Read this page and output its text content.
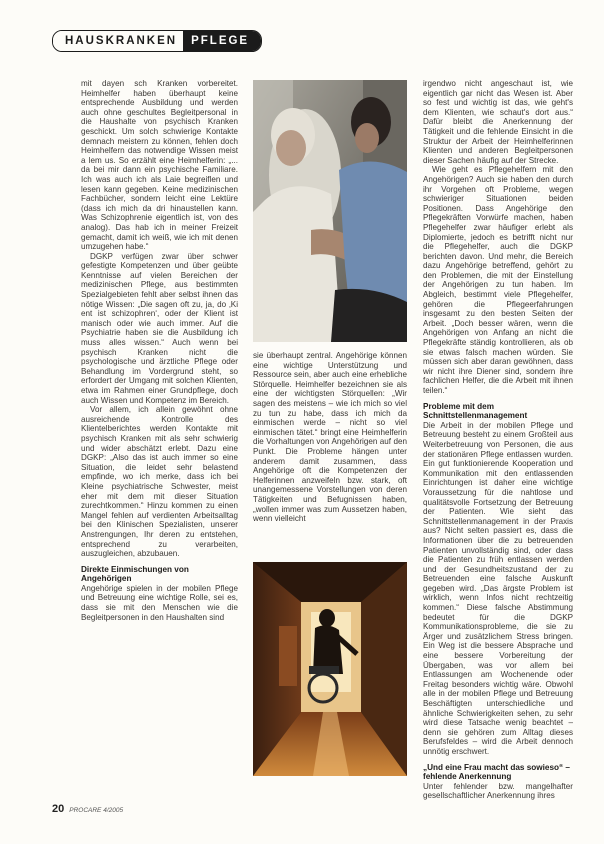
HAUSKRANKEN	PFLEGE

mit dayen sch Kranken vorbereitet. Heimhelfer haben überhaupt keine entsprechende Ausbildung und werden auch ohne geschultes Begleitpersonal in die Haushalte von psychisch Kranken geschickt. Um solch schwierige Kontakte demnach meistern zu können, fehlen doch Heimhelfern das notwendige Wissen meist a lem us. So erzählt eine Heimhelferin: „... da bei mir dann ein psychische Familiare. Ich was auch ich als Laie begreiflen und lesen kann gegeben. Keine medizinischen Fachbücher, sondern leicht eine Lektüre (dass ich mich da dri hinaustellen kann. Was Schizophrenie eigentlich ist, von des analog). Das hab ich in meiner Freizeit gemacht, damit ich weiß, wie ich mit denen umzugehen habe.“

DGKP verfügen zwar über schwer gefestigte Kompetenzen und über geübte Kenntnisse auf vielen Bereichen der medizinischen Pflege, aus bestimmten Spezialgebieten fehlt aber selbst ihnen das nötige Wissen: „Die sagen oft zu, ja, do ‚Ki ent ist schizophren‘, oder der Klient ist manisch oder wie auch immer. Auf die Psychiatrie haben sie die Ausbildung ich muss alles wissen.“ Auch wenn bei psychisch Kranken nicht die psychologische und ärztliche Pflege oder Behandlung im Vordergrund steht, so erfordert der Umgang mit solchen Klienten, etwa im Rahmen einer Grundpflege, doch auch Wissen und Kompetenz im Bereich.

Vor allem, ich allein gewöhnt ohne ausreichende Kontrolle des Klientelberichtes werden Kontakte mit psychisch Kranken mit als sehr schwierig und wider abschätzt erlebt. Dazu eine DGKP: „Also das ist auch immer so eine Situation, die leidet sehr belastend empfinde, wo ich merke, dass ich bei Kleine psychiatrische Schwester, meist eher mit dem mit dieser Situation zurechtkommen.“ Hinzu kommen zu einen Mangel fehlen auf verdienten Arbeitsalltag bei den Klinischen Spezialisten, unserer Anstrengungen, Ihr deren zu entstehen, entsprechend zu verarbeiten, auszugleichen, abzubauen.

Direkte Einmischungen von Angehörigen

Angehörige spielen in der mobilen Pflege und Betreuung eine wichtige Rolle, sei es, dass sie mit den Menschen wie die Begleitpersonen in den Haushalten sind

sie überhaupt zentral. Angehörige können eine wichtige Unterstützung und Ressource sein, aber auch eine erhebliche Störquelle. Heimhelfer bezeichnen sie als eine der wichtigsten Störquellen: „Wir sagen des meistens – wie ich mich so viel zu tun zu habe, dass ich mich da einmischen werde – nicht so viel einmischen tätet.“ bringt eine Heimhelferin die Vorhaltungen von Angehörigen auf den Punkt. Die Probleme hängen unter anderem damit zusammen, dass Angehörige oft die Kompetenzen der Helferinnen anzweifeln bzw. stark, oft unangemessene Vorstellungen von deren Tätigkeiten und Befugnissen haben, „wollen immer was zum Aussetzen haben, wenn vielleicht

irgendwo nicht angeschaut ist, wie eigentlich gar nicht das Wesen ist. Aber so fest und wichtig ist das, wie geht's dem Klienten, wie schaut's dort aus.“ Dafür bleibt die Anerkennung der Tätigkeit und die fehlende Einsicht in die Struktur der Arbeit der Heimhelferinnen Klienten und anderen Begleitpersonen dieser Sachen häufig auf der Strecke.

Wie geht es Pflegehelfern mit den Angehörigen? Auch sie haben den durch ihr Vorgehen oft Probleme, wegen schwieriger Situationen beiden Positionen. Dass Angehörige den Pflegekräften Vorwürfe machen, haben Pflegehelfer zwar häufiger erlebt als Diplomierte, jedoch es betrifft nicht nur die Pflegehelfer, auch die DGKP berichten davon. Und mehr, die Bereich dazu Angehörige betreffend, gehört zu den Problemen, die mit der Einstellung der Angehörigen zu tun haben. Im Abgleich, bestimmt viele Pflegehelfer, gehören die Pflegeerfahrungen insgesamt zu den besten Seiten der Arbeit. „Doch besser wären, wenn die Angehörigen von Anfang an nicht die Pflegekräfte ständig kontrollieren, als ob sie etwas falsch machen würden. Sie müssen sich aber daran gewöhnen, dass wir nicht ihre Diener sind, sondern ihre fachlichen Helfer, die die Arbeit mit ihnen teilen.“

Probleme mit dem Schnittstellenmanagement

Die Arbeit in der mobilen Pflege und Betreuung besteht zu einem Großteil aus Weiterbetreuung von Personen, die aus der stationären Pflege entlassen wurden. Ein gut funktionierende Kooperation und Kommunikation mit den entlassenden Einrichtungen ist daher eine wichtige Voraussetzung für die nahtlose und qualitätsvolle Fortsetzung der Betreuung der Patienten. Wie sieht das Schnittstellenmanagement in der Praxis aus? Nicht selten passiert es, dass die Informationen über die zu betreuenden Patienten unvollständig sind, oder dass die Patienten zu früh entlassen werden und der Gesundheitszustand der zu Betreuenden eine falsche Auskunft gegeben wird. „Das ärgste Problem ist wirklich, wenn Infos nicht rechtzeitig kommen.“ Diese falsche Abstimmung bedeutet für die DGKP Kommunikationsprobleme, die sie zu Ärger und zusätzlichem Stress bringen. Ein Weg ist die bessere Absprache und eine bessere Vorbereitung der Übergaben, was vor allem bei Entlassungen am Wochenende oder Freitag besonders wichtig wäre. Obwohl alle in der mobilen Pflege und Betreuung Beschäftigten unterschiedliche und ähnliche Schwierigkeiten sehen, zu sehr wird diese Tatsache wenig beachtet – denn sie gehören zum Alltag dieses Berufsfeldes – wird die Arbeit dennoch unnötig erschwert.

„Und eine Frau macht das sowieso“ – fehlende Anerkennung

Unter fehlender bzw. mangelhafter gesellschaftlicher Anerkennung ihres

20 PROCARE 4/2005
